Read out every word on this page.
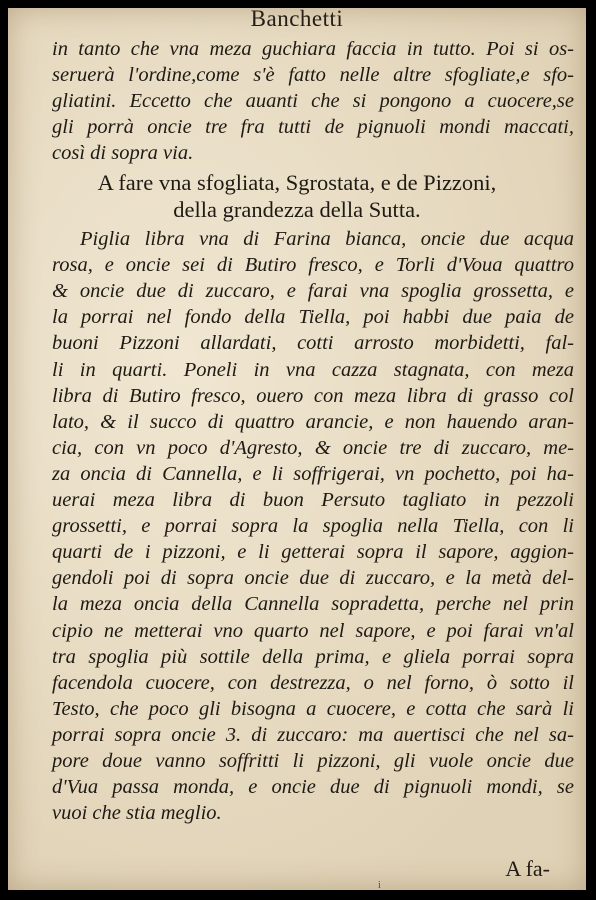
Banchetti
in tanto che vna meza guchiara faccia in tutto. Poi si os-
seruerà l'ordine,come s'è fatto nelle altre sfogliate,e sfo-
gliatini. Eccetto che auanti che si pongono a cuocere,se
gli porrà oncie tre fra tutti de pignuoli mondi maccati,
così di sopra via.
A fare vna sfogliata, Sgrostata, e de Pizzoni,
della grandezza della Sutta.
Piglia libra vna di Farina bianca, oncie due acqua
rosa, e oncie sei di Butiro fresco, e Torli d'Voua quattro
& oncie due di zuccaro, e farai vna spoglia grossetta, e
la porrai nel fondo della Tiella, poi habbi due paia de
buoni Pizzoni allardati, cotti arrosto morbidetti, fal-
li in quarti. Poneli in vna cazza stagnata, con meza
libra di Butiro fresco, ouero con meza libra di grasso col
lato, & il succo di quattro arancie, e non hauendo aran-
cia, con vn poco d'Agresto, & oncie tre di zuccaro, me-
za oncia di Cannella, e li soffrigerai, vn pochetto, poi ha-
uerai meza libra di buon Persuto tagliato in pezzoli
grossetti, e porrai sopra la spoglia nella Tiella, con li
quarti de i pizzoni, e li getterai sopra il sapore, aggion-
gendoli poi di sopra oncie due di zuccaro, e la metà del-
la meza oncia della Cannella sopradetta, perche nel prin
cipio ne metterai vno quarto nel sapore, e poi farai vn'al
tra spoglia più sottile della prima, e gliela porrai sopra
facendola cuocere, con destrezza, o nel forno, ò sotto il
Testo, che poco gli bisogna a cuocere, e cotta che sarà li
porrai sopra oncie 3. di zuccaro: ma auertisci che nel sa-
pore doue vanno soffritti li pizzoni, gli vuole oncie due
d'Vua passa monda, e oncie due di pignuoli mondi, se
vuoi che stia meglio.
A fa-
i
